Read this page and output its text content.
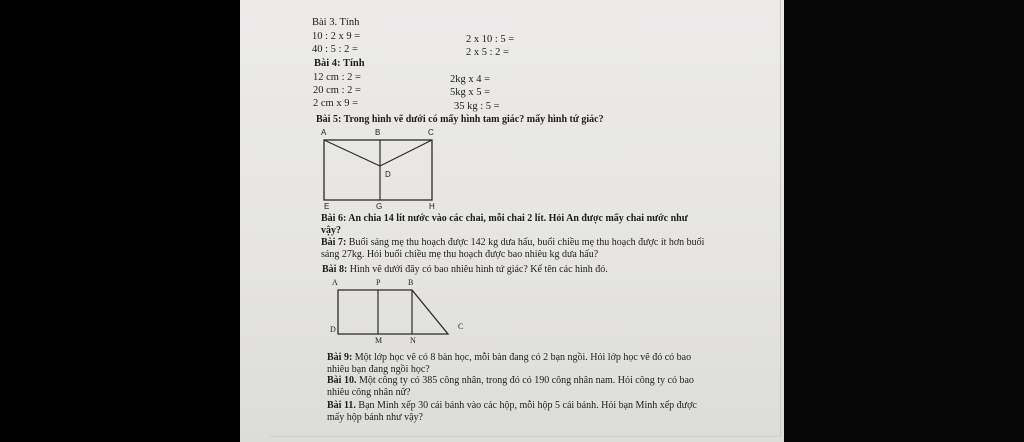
Bài 3. Tính
10 : 2 x 9 =
40 : 5 : 2 =
2 x 10 : 5 =
2 x 5 : 2 =
Bài 4: Tính
12 cm : 2 =
20 cm : 2 =
2 cm x 9 =
2kg x 4 =
5kg x 5 =
35 kg : 5 =
Bài 5: Trong hình vẽ dưới có mấy hình tam giác? mấy hình tứ giác?
A	B	C
D
E	G	H
Bài 6: An chia 14 lít nước vào các chai, mỗi chai 2 lít. Hỏi An được mấy chai nước như vậy?
Bài 7: Buổi sáng mẹ thu hoạch được 142 kg dưa hấu, buổi chiều mẹ thu hoạch được ít hơn buổi sáng 27kg. Hỏi buổi chiều mẹ thu hoạch được bao nhiêu kg dưa hấu?
Bài 8: Hình vẽ dưới đây có bao nhiêu hình tứ giác? Kể tên các hình đó.
A	P	B
D	C
M	N
Bài 9: Một lớp học vẽ có 8 bàn học, mỗi bàn đang có 2 bạn ngồi. Hỏi lớp học vẽ đó có bao nhiêu bạn đang ngồi học?
Bài 10. Một công ty có 385 công nhân, trong đó có 190 công nhân nam. Hỏi công ty có bao nhiêu công nhân nữ?
Bài 11. Bạn Minh xếp 30 cái bánh vào các hộp, mỗi hộp 5 cái bánh. Hỏi bạn Minh xếp được mấy hộp bánh như vậy?
